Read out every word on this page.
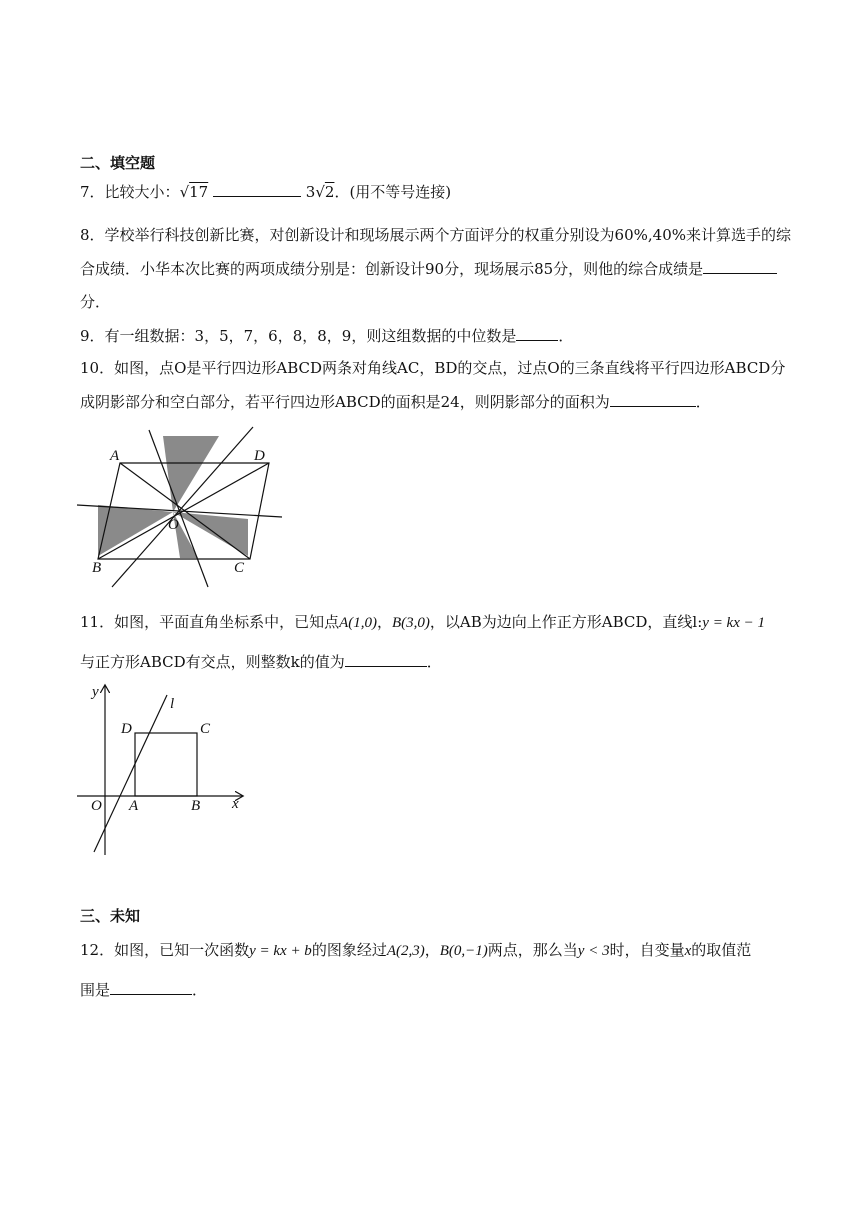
二、填空题
7．比较大小：√17	3√2．(用不等号连接)
8．学校举行科技创新比赛，对创新设计和现场展示两个方面评分的权重分别设为60%,40%来计算选手的综
合成绩．小华本次比赛的两项成绩分别是：创新设计90分，现场展示85分，则他的综合成绩是
分．
9．有一组数据：3，5，7，6，8，8，9，则这组数据的中位数是	．
10．如图，点O是平行四边形ABCD两条对角线AC，BD的交点，过点O的三条直线将平行四边形ABCD分
成阴影部分和空白部分，若平行四边形ABCD的面积是24，则阴影部分的面积为	．
A	D
O
B	C
11．如图，平面直角坐标系中，已知点A(1,0)，B(3,0)，以AB为边向上作正方形ABCD，直线l:y = kx − 1
与正方形ABCD有交点，则整数k的值为	．
y
l
D	C
O A	B x
三、未知
12．如图，已知一次函数y = kx + b的图象经过A(2,3)，B(0,−1)两点，那么当y < 3时，自变量x的取值范
围是	．
